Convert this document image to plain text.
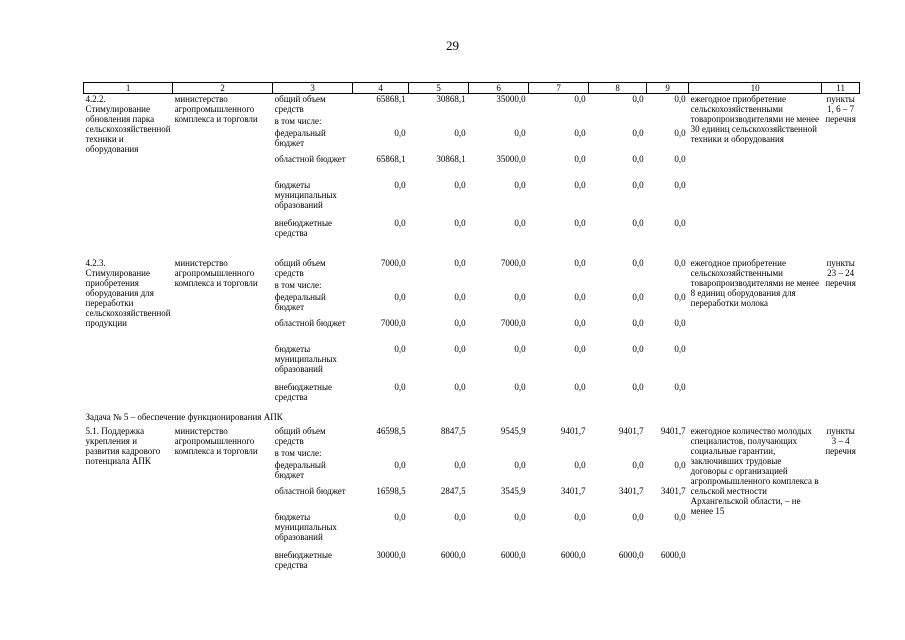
29
1	2	3	4	5	6	7	8	9	10	11
4.2.2. Стимулирование обновления парка сельскохозяйственной техники и оборудования	министерство агропромышленного комплекса и торговли	общий объем средств	65868,1	30868,1	35000,0	0,0	0,0	0,0	ежегодное приобретение сельскохозяйственными товаропроизводителями не менее 30 единиц сельскохозяйственной техники и оборудования	пункты 1, 6 – 7 перечня
		в том числе:								
		федеральный бюджет	0,0	0,0	0,0	0,0	0,0	0,0		
		областной бюджет	65868,1	30868,1	35000,0	0,0	0,0	0,0		
		бюджеты муниципальных образований	0,0	0,0	0,0	0,0	0,0	0,0		
		внебюджетные средства	0,0	0,0	0,0	0,0	0,0	0,0		

4.2.3. Стимулирование приобретения оборудования для переработки сельскохозяйственной продукции	министерство агропромышленного комплекса и торговли	общий объем средств	7000,0	0,0	7000,0	0,0	0,0	0,0	ежегодное приобретение сельскохозяйственными товаропроизводителями не менее 8 единиц оборудования для переработки молока	пункты 23 – 24 перечня
		в том числе:								
		федеральный бюджет	0,0	0,0	0,0	0,0	0,0	0,0		
		областной бюджет	7000,0	0,0	7000,0	0,0	0,0	0,0		
		бюджеты муниципальных образований	0,0	0,0	0,0	0,0	0,0	0,0		
		внебюджетные средства	0,0	0,0	0,0	0,0	0,0	0,0		
Задача № 5 – обеспечение функционирования АПК										
5.1. Поддержка укрепления и развития кадрового потенциала АПК	министерство агропромышленного комплекса и торговли	общий объем средств	46598,5	8847,5	9545,9	9401,7	9401,7	9401,7	ежегодное количество молодых специалистов, получающих социальные гарантии, заключивших трудовые договоры с организацией агропромышленного комплекса в сельской местности Архангельской области, – не менее 15	пункты 3 – 4 перечня
		в том числе:								
		федеральный бюджет	0,0	0,0	0,0	0,0	0,0	0,0		
		областной бюджет	16598,5	2847,5	3545,9	3401,7	3401,7	3401,7		
		бюджеты муниципальных образований	0,0	0,0	0,0	0,0	0,0	0,0		
		внебюджетные средства	30000,0	6000,0	6000,0	6000,0	6000,0	6000,0		
